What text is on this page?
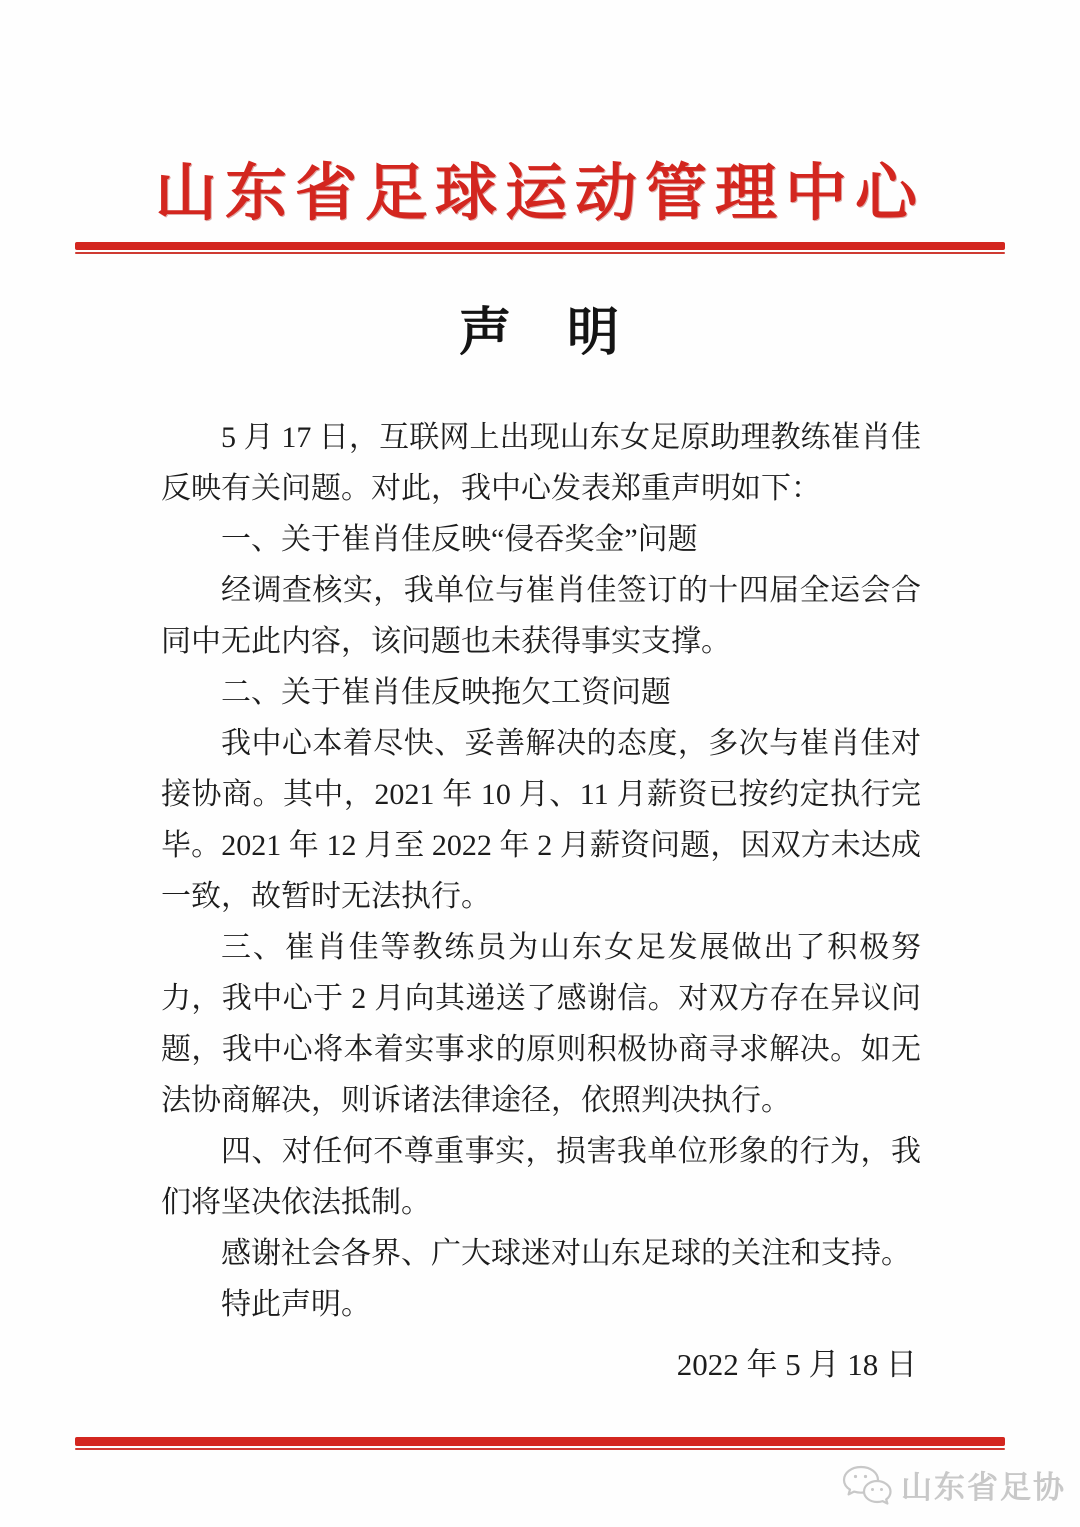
山东省足球运动管理中心
声　明

5 月 17 日，互联网上出现山东女足原助理教练崔肖佳反映有关问题。对此，我中心发表郑重声明如下：

一、关于崔肖佳反映“侵吞奖金”问题

经调查核实，我单位与崔肖佳签订的十四届全运会合同中无此内容，该问题也未获得事实支撑。

二、关于崔肖佳反映拖欠工资问题

我中心本着尽快、妥善解决的态度，多次与崔肖佳对接协商。其中，2021 年 10 月、11 月薪资已按约定执行完毕。2021 年 12 月至 2022 年 2 月薪资问题，因双方未达成一致，故暂时无法执行。

三、崔肖佳等教练员为山东女足发展做出了积极努力，我中心于 2 月向其递送了感谢信。对双方存在异议问题，我中心将本着实事求的原则积极协商寻求解决。如无法协商解决，则诉诸法律途径，依照判决执行。

四、对任何不尊重事实，损害我单位形象的行为，我们将坚决依法抵制。

感谢社会各界、广大球迷对山东足球的关注和支持。

特此声明。

2022 年 5 月 18 日
山东省足协
